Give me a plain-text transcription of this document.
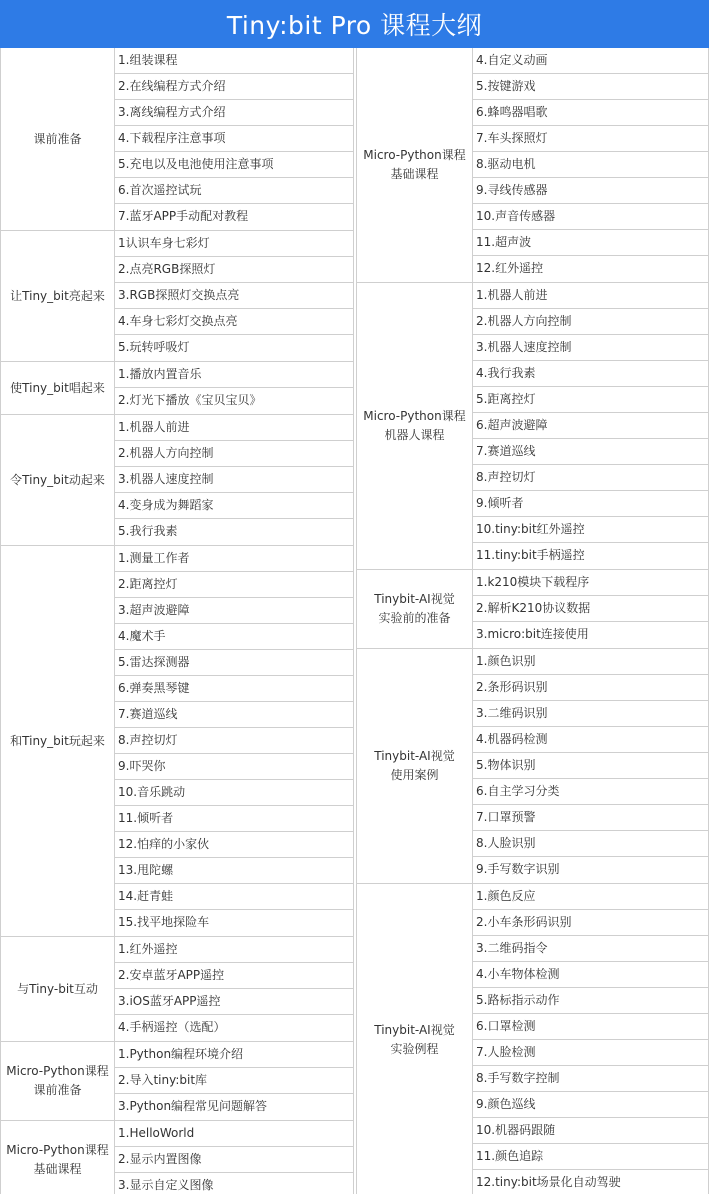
Tiny:bit Pro 课程大纲
课前准备
1.组装课程
2.在线编程方式介绍
3.离线编程方式介绍
4.下载程序注意事项
5.充电以及电池使用注意事项
6.首次遥控试玩
7.蓝牙APP手动配对教程
让Tiny_bit亮起来
1认识车身七彩灯
2.点亮RGB探照灯
3.RGB探照灯交换点亮
4.车身七彩灯交换点亮
5.玩转呼吸灯
使Tiny_bit唱起来
1.播放内置音乐
2.灯光下播放《宝贝宝贝》
令Tiny_bit动起来
1.机器人前进
2.机器人方向控制
3.机器人速度控制
4.变身成为舞蹈家
5.我行我素
和Tiny_bit玩起来
1.测量工作者
2.距离控灯
3.超声波避障
4.魔术手
5.雷达探测器
6.弹奏黑琴键
7.赛道巡线
8.声控切灯
9.吓哭你
10.音乐跳动
11.倾听者
12.怕痒的小家伙
13.甩陀螺
14.赶青蛙
15.找平地探险车
与Tiny-bit互动
1.红外遥控
2.安卓蓝牙APP遥控
3.iOS蓝牙APP遥控
4.手柄遥控（选配）
Micro-Python课程课前准备
1.Python编程环境介绍
2.导入tiny:bit库
3.Python编程常见问题解答
Micro-Python课程基础课程
1.HelloWorld
2.显示内置图像
3.显示自定义图像
Micro-Python课程基础课程
4.自定义动画
5.按键游戏
6.蜂鸣器唱歌
7.车头探照灯
8.驱动电机
9.寻线传感器
10.声音传感器
11.超声波
12.红外遥控
Micro-Python课程机器人课程
1.机器人前进
2.机器人方向控制
3.机器人速度控制
4.我行我素
5.距离控灯
6.超声波避障
7.赛道巡线
8.声控切灯
9.倾听者
10.tiny:bit红外遥控
11.tiny:bit手柄遥控
Tinybit-AI视觉实验前的准备
1.k210模块下载程序
2.解析K210协议数据
3.micro:bit连接使用
Tinybit-AI视觉使用案例
1.颜色识别
2.条形码识别
3.二维码识别
4.机器码检测
5.物体识别
6.自主学习分类
7.口罩预警
8.人脸识别
9.手写数字识别
Tinybit-AI视觉实验例程
1.颜色反应
2.小车条形码识别
3.二维码指令
4.小车物体检测
5.路标指示动作
6.口罩检测
7.人脸检测
8.手写数字控制
9.颜色巡线
10.机器码跟随
11.颜色追踪
12.tiny:bit场景化自动驾驶
